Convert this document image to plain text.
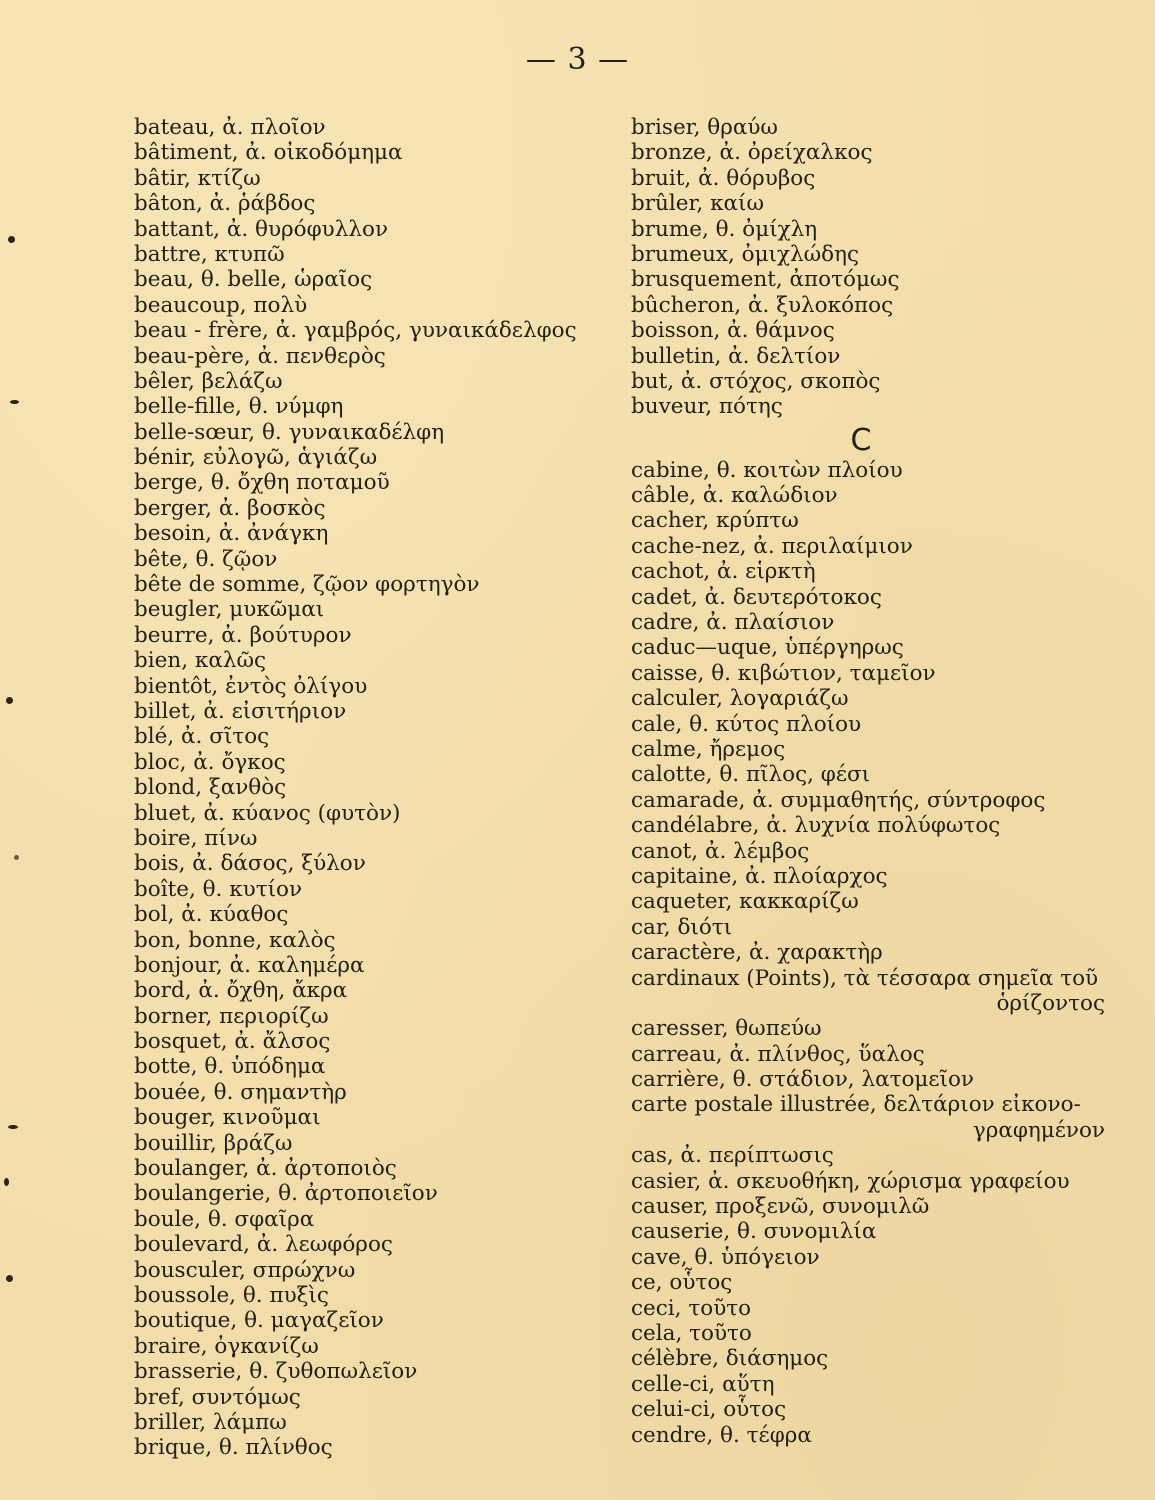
— 3 —
bateau, ἀ. πλοῖον
bâtiment, ἀ. οἰκοδόμημα
bâtir, κτίζω
bâton, ἀ. ῥάβδος
battant, ἀ. θυρόφυλλον
battre, κτυπῶ
beau, θ. belle, ὡραῖος
beaucoup, πολὺ
beau - frère, ἀ. γαμβρός, γυναικάδελφος
beau-père, ἀ. πενθερὸς
bêler, βελάζω
belle-fille, θ. νύμφη
belle-sœur, θ. γυναικαδέλφη
bénir, εὐλογῶ, ἁγιάζω
berge, θ. ὄχθη ποταμοῦ
berger, ἀ. βοσκὸς
besoin, ἀ. ἀνάγκη
bête, θ. ζῷον
bête de somme, ζῷον φορτηγὸν
beugler, μυκῶμαι
beurre, ἀ. βούτυρον
bien, καλῶς
bientôt, ἐντὸς ὀλίγου
billet, ἀ. εἰσιτήριον
blé, ἀ. σῖτος
bloc, ἀ. ὄγκος
blond, ξανθὸς
bluet, ἀ. κύανος (φυτὸν)
boire, πίνω
bois, ἀ. δάσος, ξύλον
boîte, θ. κυτίον
bol, ἀ. κύαθος
bon, bonne, καλὸς
bonjour, ἀ. καλημέρα
bord, ἀ. ὄχθη, ἄκρα
borner, περιορίζω
bosquet, ἀ. ἄλσος
botte, θ. ὑπόδημα
bouée, θ. σημαντὴρ
bouger, κινοῦμαι
bouillir, βράζω
boulanger, ἀ. ἀρτοποιὸς
boulangerie, θ. ἀρτοποιεῖον
boule, θ. σφαῖρα
boulevard, ἀ. λεωφόρος
bousculer, σπρώχνω
boussole, θ. πυξὶς
boutique, θ. μαγαζεῖον
braire, ὀγκανίζω
brasserie, θ. ζυθοπωλεῖον
bref, συντόμως
briller, λάμπω
brique, θ. πλίνθος
briser, θραύω
bronze, ἀ. ὀρείχαλκος
bruit, ἀ. θόρυβος
brûler, καίω
brume, θ. ὀμίχλη
brumeux, ὀμιχλώδης
brusquement, ἀποτόμως
bûcheron, ἀ. ξυλοκόπος
boisson, ἀ. θάμνος
bulletin, ἀ. δελτίον
but, ἀ. στόχος, σκοπὸς
buveur, πότης
C
cabine, θ. κοιτὼν πλοίου
câble, ἀ. καλώδιον
cacher, κρύπτω
cache-nez, ἀ. περιλαίμιον
cachot, ἀ. εἱρκτὴ
cadet, ἀ. δευτερότοκος
cadre, ἀ. πλαίσιον
caduc—uque, ὑπέργηρως
caisse, θ. κιβώτιον, ταμεῖον
calculer, λογαριάζω
cale, θ. κύτος πλοίου
calme, ἤρεμος
calotte, θ. πῖλος, φέσι
camarade, ἀ. συμμαθητής, σύντροφος
candélabre, ἀ. λυχνία πολύφωτος
canot, ἀ. λέμβος
capitaine, ἀ. πλοίαρχος
caqueter, κακκαρίζω
car, διότι
caractère, ἀ. χαρακτὴρ
cardinaux (Points), τὰ τέσσαρα σημεῖα τοῦ
ὁρίζοντος
caresser, θωπεύω
carreau, ἀ. πλίνθος, ὕαλος
carrière, θ. στάδιον, λατομεῖον
carte postale illustrée, δελτάριον εἰκονο-
γραφημένον
cas, ἀ. περίπτωσις
casier, ἀ. σκευοθήκη, χώρισμα γραφείου
causer, προξενῶ, συνομιλῶ
causerie, θ. συνομιλία
cave, θ. ὑπόγειον
ce, οὗτος
ceci, τοῦτο
cela, τοῦτο
célèbre, διάσημος
celle-ci, αὕτη
celui-ci, οὗτος
cendre, θ. τέφρα
